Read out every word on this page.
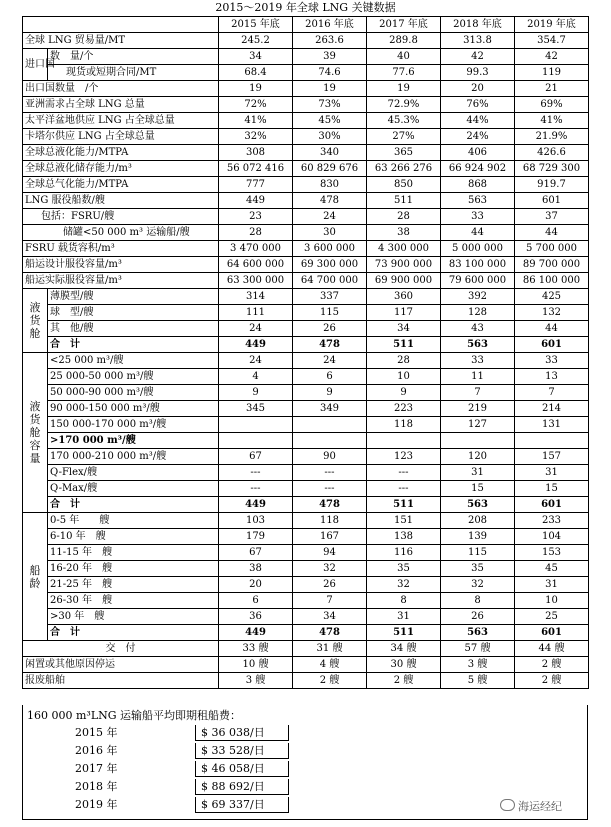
2015～2019 年全球 LNG 关键数据
		2015 年底	2016 年底	2017 年底	2018 年底	2019 年底
全球 LNG 贸易量/MT		245.2	263.6	289.8	313.8	354.7
进口国	数　量/个	34	39	40	42	42
	现货或短期合同/MT	68.4	74.6	77.6	99.3	119
出口国数量　/个		19	19	19	20	21
亚洲需求占全球 LNG 总量		72%	73%	72.9%	76%	69%
太平洋盆地供应 LNG 占全球总量		41%	45%	45.3%	44%	41%
卡塔尔供应 LNG 占全球总量		32%	30%	27%	24%	21.9%
全球总液化能力/MTPA		308	340	365	406	426.6
全球总液化储存能力/m³		56 072 416	60 829 676	63 266 276	66 924 902	68 729 300
全球总气化能力/MTPA		777	830	850	868	919.7
LNG 服役船数/艘		449	478	511	563	601
包括：FSRU/艘		23	24	28	33	37
储罐<50 000 m³ 运输船/艘		28	30	38	44	44
FSRU 载货容积/m³		3 470 000	3 600 000	4 300 000	5 000 000	5 700 000
船运设计服役容量/m³		64 600 000	69 300 000	73 900 000	83 100 000	89 700 000
船运实际服役容量/m³		63 300 000	64 700 000	69 900 000	79 600 000	86 100 000

液
货
舱	薄膜型/艘	314	337	360	392	425
	球　型/艘	111	115	117	128	132
	其　他/艘	24	26	34	43	44
	合　计	449	478	511	563	601

液
货
舱
容
量	<25 000 m³/艘	24	24	28	33	33
	25 000-50 000 m³/艘	4	6	10	11	13
	50 000-90 000 m³/艘	9	9	9	7	7
	90 000-150 000 m³/艘	345	349	223	219	214
	150 000-170 000 m³/艘			118	127	131
	>170 000 m³/艘					
	170 000-210 000 m³/艘	67	90	123	120	157
	Q-Flex/艘	---	---	---	31	31
	Q-Max/艘	---	---	---	15	15
	合　计	449	478	511	563	601

船
龄	0-5 年　　艘	103	118	151	208	233
	6-10 年　艘	179	167	138	139	104
	11-15 年　艘	67	94	116	115	153
	16-20 年　艘	38	32	35	35	45
	21-25 年　艘	20	26	32	32	31
	26-30 年　艘	6	7	8	8	10
	>30 年　艘	36	34	31	26	25
	合　计	449	478	511	563	601
交　付		33 艘	31 艘	34 艘	57 艘	44 艘
闲置或其他原因停运		10 艘	4 艘	30 艘	3 艘	2 艘
报废船舶		3 艘	2 艘	2 艘	5 艘	2 艘
160 000 m³LNG 运输船平均即期租船费：
2015 年	$ 36 038/日
2016 年	$ 33 528/日
2017 年	$ 46 058/日
2018 年	$ 88 692/日
2019 年	$ 69 337/日	海运经纪
